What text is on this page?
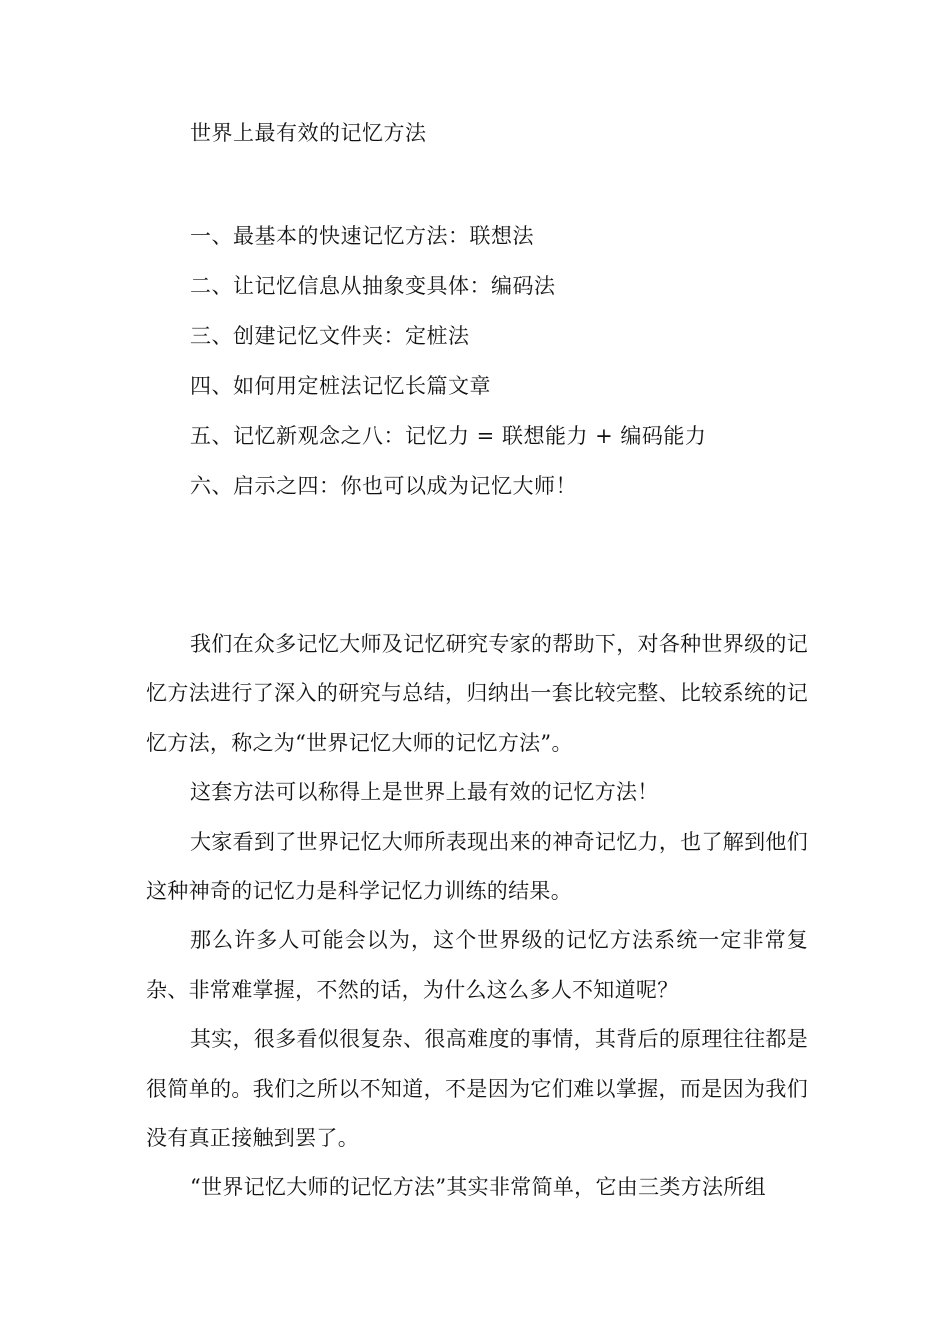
世界上最有效的记忆方法
一、最基本的快速记忆方法：联想法
二、让记忆信息从抽象变具体：编码法
三、创建记忆文件夹：定桩法
四、如何用定桩法记忆长篇文章
五、记忆新观念之八：记忆力 = 联想能力 + 编码能力
六、启示之四：你也可以成为记忆大师！

我们在众多记忆大师及记忆研究专家的帮助下，对各种世界级的记忆方法进行了深入的研究与总结，归纳出一套比较完整、比较系统的记忆方法，称之为“世界记忆大师的记忆方法”。

这套方法可以称得上是世界上最有效的记忆方法！

大家看到了世界记忆大师所表现出来的神奇记忆力，也了解到他们这种神奇的记忆力是科学记忆力训练的结果。

那么许多人可能会以为，这个世界级的记忆方法系统一定非常复杂、非常难掌握，不然的话，为什么这么多人不知道呢？

其实，很多看似很复杂、很高难度的事情，其背后的原理往往都是很简单的。我们之所以不知道，不是因为它们难以掌握，而是因为我们没有真正接触到罢了。

“世界记忆大师的记忆方法”其实非常简单，它由三类方法所组
